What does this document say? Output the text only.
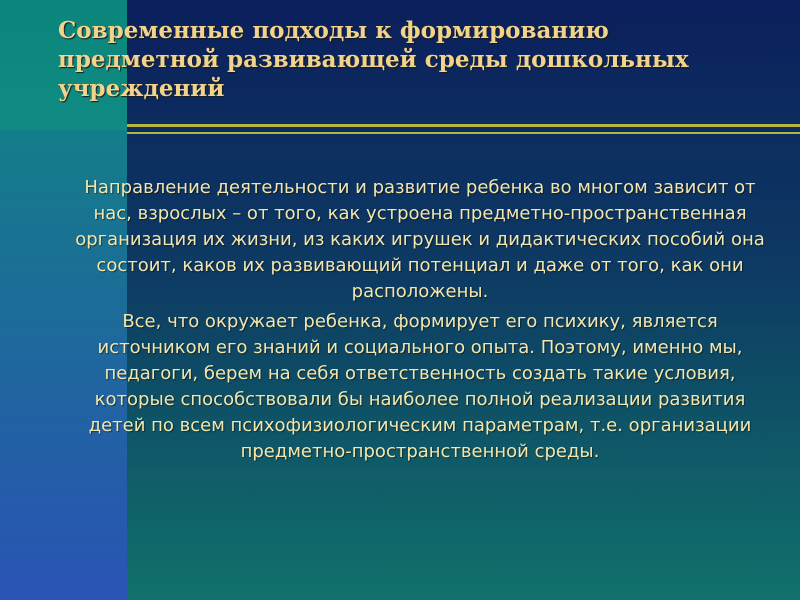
Современные подходы к формированию предметной развивающей среды дошкольных учреждений

Направление деятельности и развитие ребенка во многом зависит от нас, взрослых – от того, как устроена предметно-пространственная организация их жизни, из каких игрушек и дидактических пособий она состоит, каков их развивающий потенциал и даже от того, как они расположены.

Все, что окружает ребенка, формирует его психику, является источником его знаний и социального опыта. Поэтому, именно мы, педагоги, берем на себя ответственность создать такие условия, которые способствовали бы наиболее полной реализации развития детей по всем психофизиологическим параметрам, т.е. организации предметно-пространственной среды.
